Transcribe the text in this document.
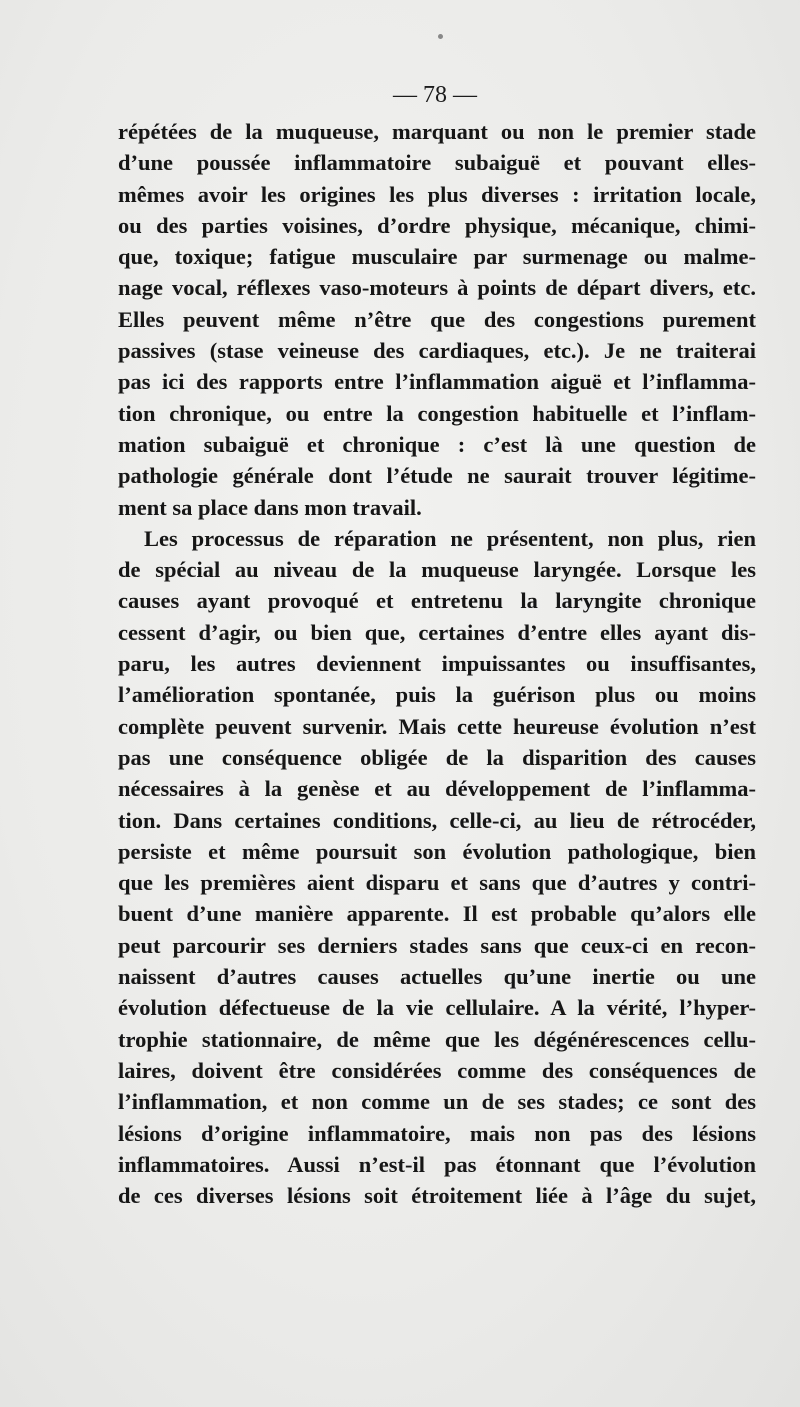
— 78 —
répétées de la muqueuse, marquant ou non le premier stade
d’une poussée inflammatoire subaiguë et pouvant elles-
mêmes avoir les origines les plus diverses : irritation locale,
ou des parties voisines, d’ordre physique, mécanique, chimi-
que, toxique; fatigue musculaire par surmenage ou malme-
nage vocal, réflexes vaso-moteurs à points de départ divers, etc.
Elles peuvent même n’être que des congestions purement
passives (stase veineuse des cardiaques, etc.). Je ne traiterai
pas ici des rapports entre l’inflammation aiguë et l’inflamma-
tion chronique, ou entre la congestion habituelle et l’inflam-
mation subaiguë et chronique : c’est là une question de
pathologie générale dont l’étude ne saurait trouver légitime-
ment sa place dans mon travail.
Les processus de réparation ne présentent, non plus, rien
de spécial au niveau de la muqueuse laryngée. Lorsque les
causes ayant provoqué et entretenu la laryngite chronique
cessent d’agir, ou bien que, certaines d’entre elles ayant dis-
paru, les autres deviennent impuissantes ou insuffisantes,
l’amélioration spontanée, puis la guérison plus ou moins
complète peuvent survenir. Mais cette heureuse évolution n’est
pas une conséquence obligée de la disparition des causes
nécessaires à la genèse et au développement de l’inflamma-
tion. Dans certaines conditions, celle-ci, au lieu de rétrocéder,
persiste et même poursuit son évolution pathologique, bien
que les premières aient disparu et sans que d’autres y contri-
buent d’une manière apparente. Il est probable qu’alors elle
peut parcourir ses derniers stades sans que ceux-ci en recon-
naissent d’autres causes actuelles qu’une inertie ou une
évolution défectueuse de la vie cellulaire. A la vérité, l’hyper-
trophie stationnaire, de même que les dégénérescences cellu-
laires, doivent être considérées comme des conséquences de
l’inflammation, et non comme un de ses stades; ce sont des
lésions d’origine inflammatoire, mais non pas des lésions
inflammatoires. Aussi n’est-il pas étonnant que l’évolution
de ces diverses lésions soit étroitement liée à l’âge du sujet,
